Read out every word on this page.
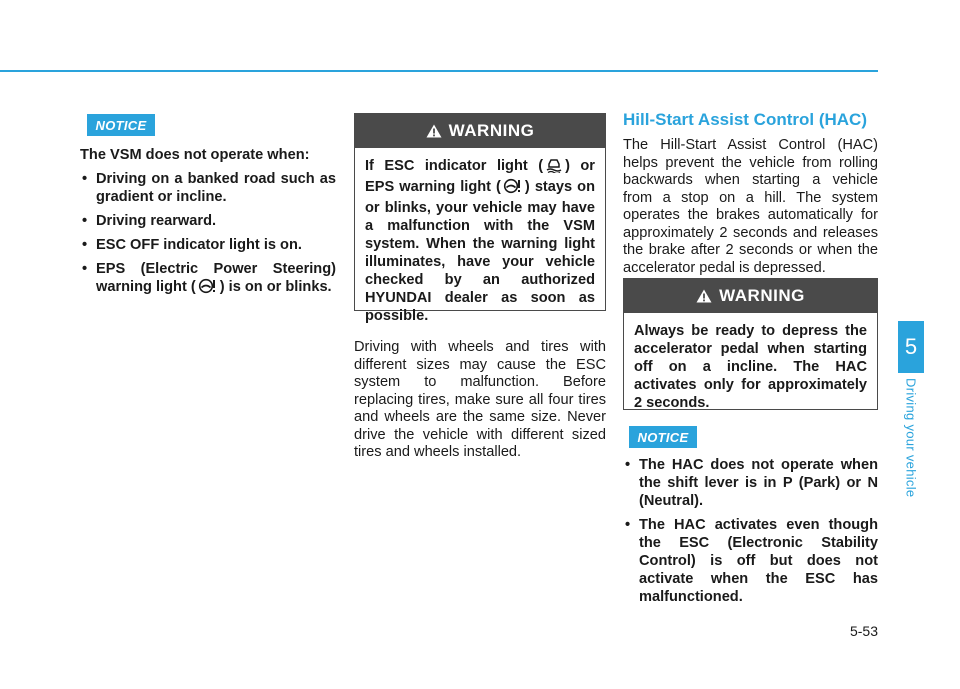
NOTICE
The VSM does not operate when:
• Driving on a banked road such as gradient or incline.
• Driving rearward.
• ESC OFF indicator light is on.
• EPS (Electric Power Steering) warning light ( ) is on or blinks.
WARNING
If ESC indicator light ( ) or EPS warning light ( ) stays on or blinks, your vehicle may have a malfunction with the VSM system. When the warning light illuminates, have your vehicle checked by an authorized HYUNDAI dealer as soon as possible.
Driving with wheels and tires with different sizes may cause the ESC system to malfunction. Before replacing tires, make sure all four tires and wheels are the same size. Never drive the vehicle with different sized tires and wheels installed.
Hill-Start Assist Control (HAC)
The Hill-Start Assist Control (HAC) helps prevent the vehicle from rolling backwards when starting a vehicle from a stop on a hill. The system operates the brakes automatically for approximately 2 seconds and releases the brake after 2 seconds or when the accelerator pedal is depressed.
WARNING
Always be ready to depress the accelerator pedal when starting off on a incline. The HAC activates only for approximately 2 seconds.
NOTICE
• The HAC does not operate when the shift lever is in P (Park) or N (Neutral).
• The HAC activates even though the ESC (Electronic Stability Control) is off but does not activate when the ESC has malfunctioned.
5
Driving your vehicle
5-53
